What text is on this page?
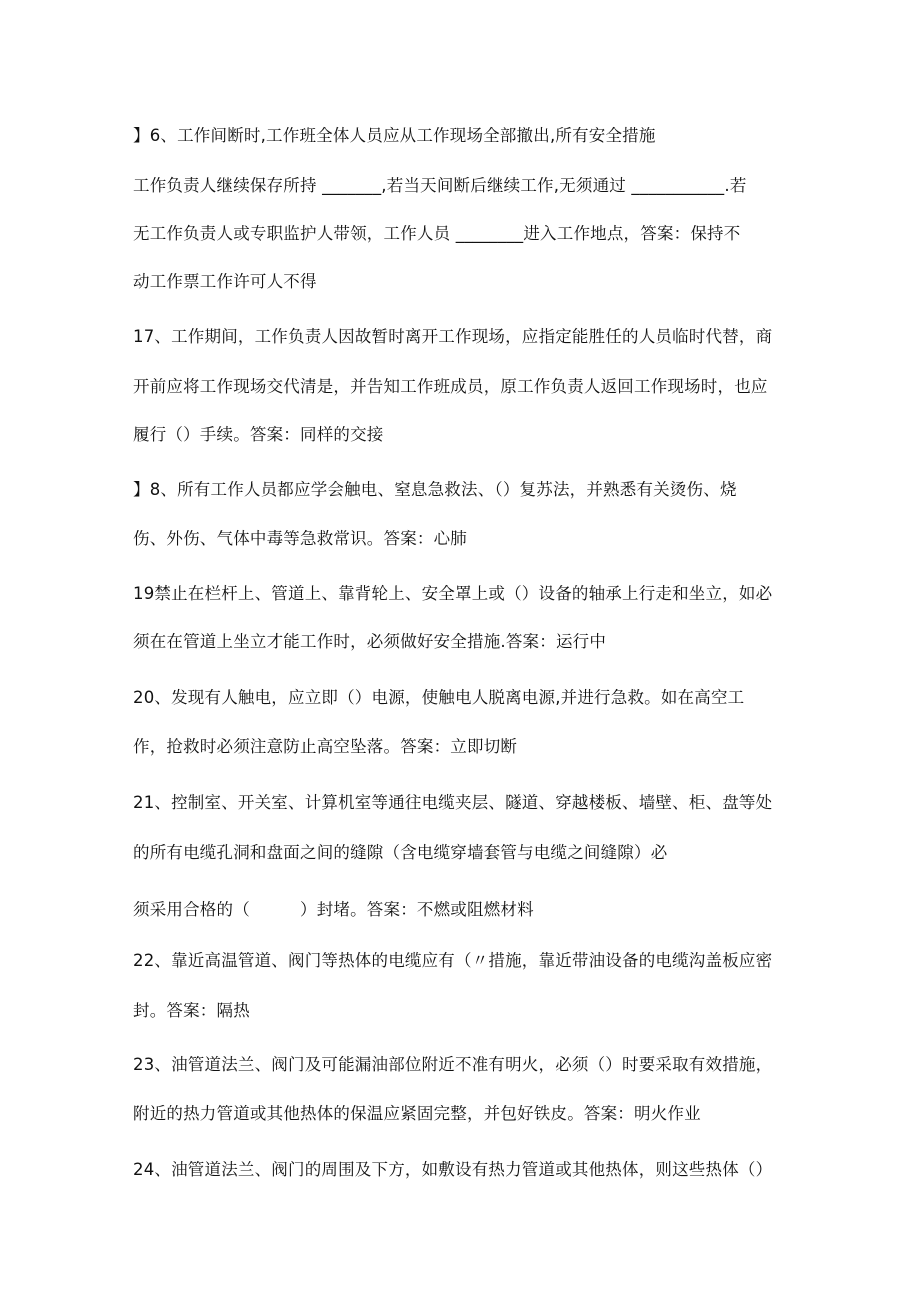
】6、工作间断时,工作班全体人员应从工作现场全部撤出,所有安全措施

工作负责人继续保存所持 _______,若当天间断后继续工作,无须通过 ___________.若

无工作负责人或专职监护人带领，工作人员 ________进入工作地点，答案：保持不

动工作票工作许可人不得

17、工作期间，工作负责人因故暂时离开工作现场，应指定能胜任的人员临时代替，商

开前应将工作现场交代清是，并告知工作班成员，原工作负责人返回工作现场时，也应

履行（）手续。答案：同样的交接

】8、所有工作人员都应学会触电、窒息急救法、（）复苏法，并熟悉有关烫伤、烧

伤、外伤、气体中毒等急救常识。答案：心肺

19禁止在栏杆上、管道上、靠背轮上、安全罩上或（）设备的轴承上行走和坐立，如必

须在在管道上坐立才能工作时，必须做好安全措施.答案：运行中

20、发现有人触电，应立即（）电源，使触电人脱离电源,并进行急救。如在高空工

作，抢救时必须注意防止高空坠落。答案：立即切断

21、控制室、开关室、计算机室等通往电缆夹层、隧道、穿越楼板、墙壁、柜、盘等处

的所有电缆孔洞和盘面之间的缝隙（含电缆穿墙套管与电缆之间缝隙）必

须采用合格的（　　　）封堵。答案：不燃或阻燃材料

22、靠近高温管道、阀门等热体的电缆应有（〃措施，靠近带油设备的电缆沟盖板应密

封。答案：隔热

23、油管道法兰、阀门及可能漏油部位附近不准有明火，必须（）时要采取有效措施，

附近的热力管道或其他热体的保温应紧固完整，并包好铁皮。答案：明火作业

24、油管道法兰、阀门的周围及下方，如敷设有热力管道或其他热体，则这些热体（）
